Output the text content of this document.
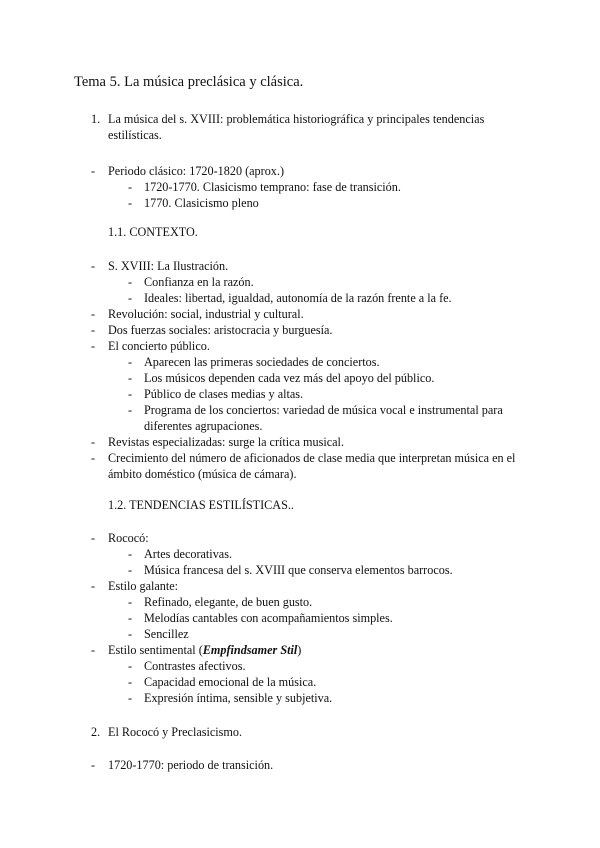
Tema 5. La música preclásica y clásica.
1. La música del s. XVIII: problemática historiográfica y principales tendencias
estilísticas.
- Periodo clásico: 1720-1820 (aprox.)
- 1720-1770. Clasicismo temprano: fase de transición.
- 1770. Clasicismo pleno
1.1. CONTEXTO.
- S. XVIII: La Ilustración.
- Confianza en la razón.
- Ideales: libertad, igualdad, autonomía de la razón frente a la fe.
- Revolución: social, industrial y cultural.
- Dos fuerzas sociales: aristocracia y burguesía.
- El concierto público.
- Aparecen las primeras sociedades de conciertos.
- Los músicos dependen cada vez más del apoyo del público.
- Público de clases medias y altas.
- Programa de los conciertos: variedad de música vocal e instrumental para
diferentes agrupaciones.
- Revistas especializadas: surge la crítica musical.
- Crecimiento del número de aficionados de clase media que interpretan música en el
ámbito doméstico (música de cámara).
1.2. TENDENCIAS ESTILÍSTICAS..
- Rococó:
- Artes decorativas.
- Música francesa del s. XVIII que conserva elementos barrocos.
- Estilo galante:
- Refinado, elegante, de buen gusto.
- Melodías cantables con acompañamientos simples.
- Sencillez
- Estilo sentimental (Empfindsamer Stil)
- Contrastes afectivos.
- Capacidad emocional de la música.
- Expresión íntima, sensible y subjetiva.
2. El Rococó y Preclasicismo.
- 1720-1770: periodo de transición.
